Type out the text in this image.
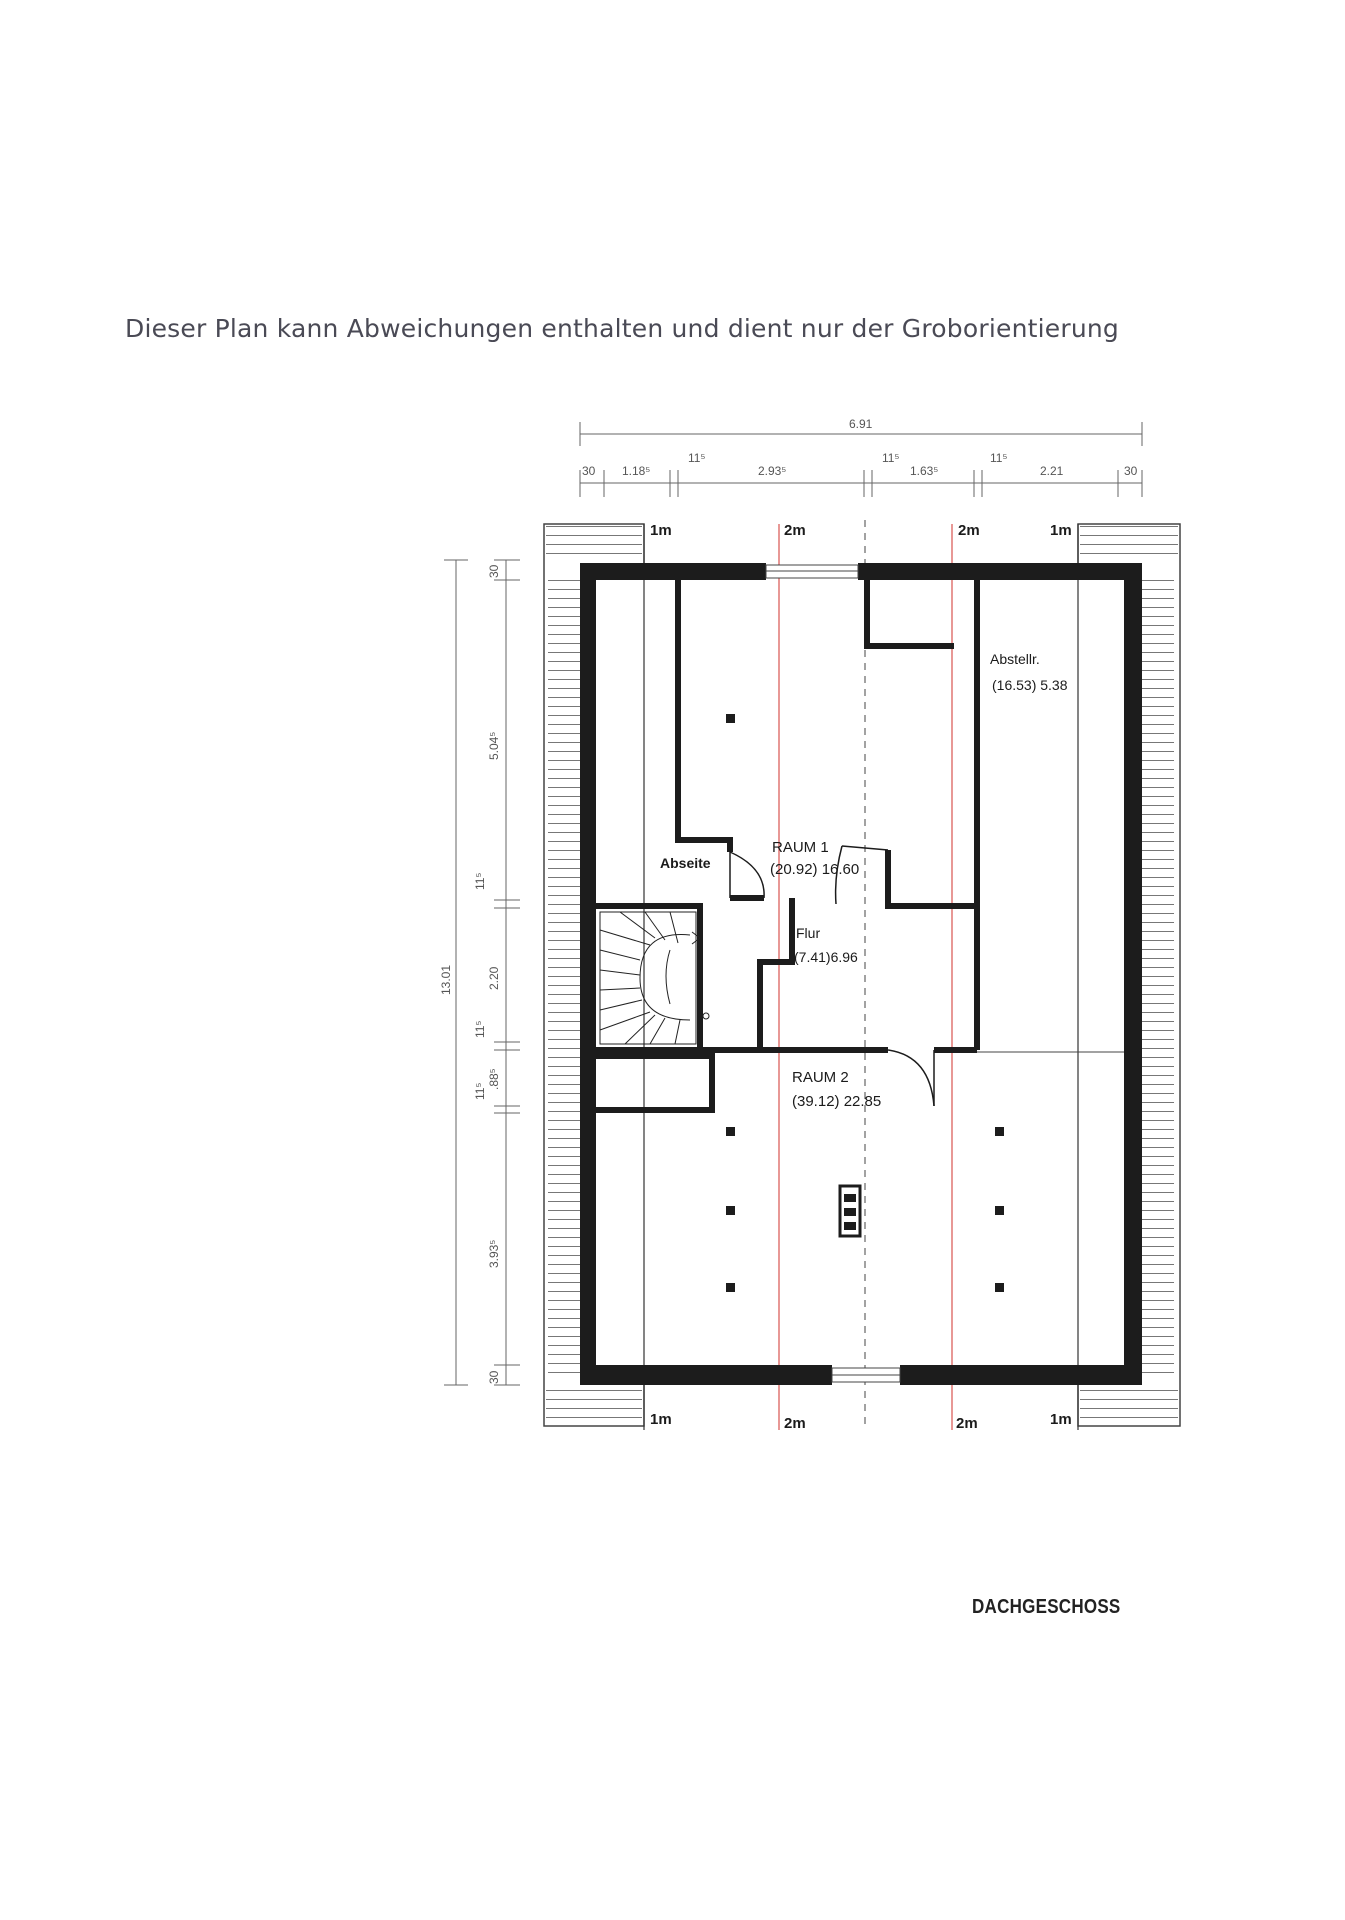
Dieser Plan kann Abweichungen enthalten und dient nur der Groborientierung
6.91
30 1.18⁵
11⁵
2.93⁵
11⁵
1.63⁵
11⁵
2.21	30
30
5.04⁵
11⁵
2.20
11⁵
11⁵
.88⁵
3.93⁵
30
13.01
1m	2m	2m	1m
1m	2m	2m	1m
RAUM 1
(20.92) 16.60
Abseite
Abstellr.
(16.53) 5.38
Flur
(7.41)6.96
RAUM 2
(39.12) 22.85
DACHGESCHOSS
